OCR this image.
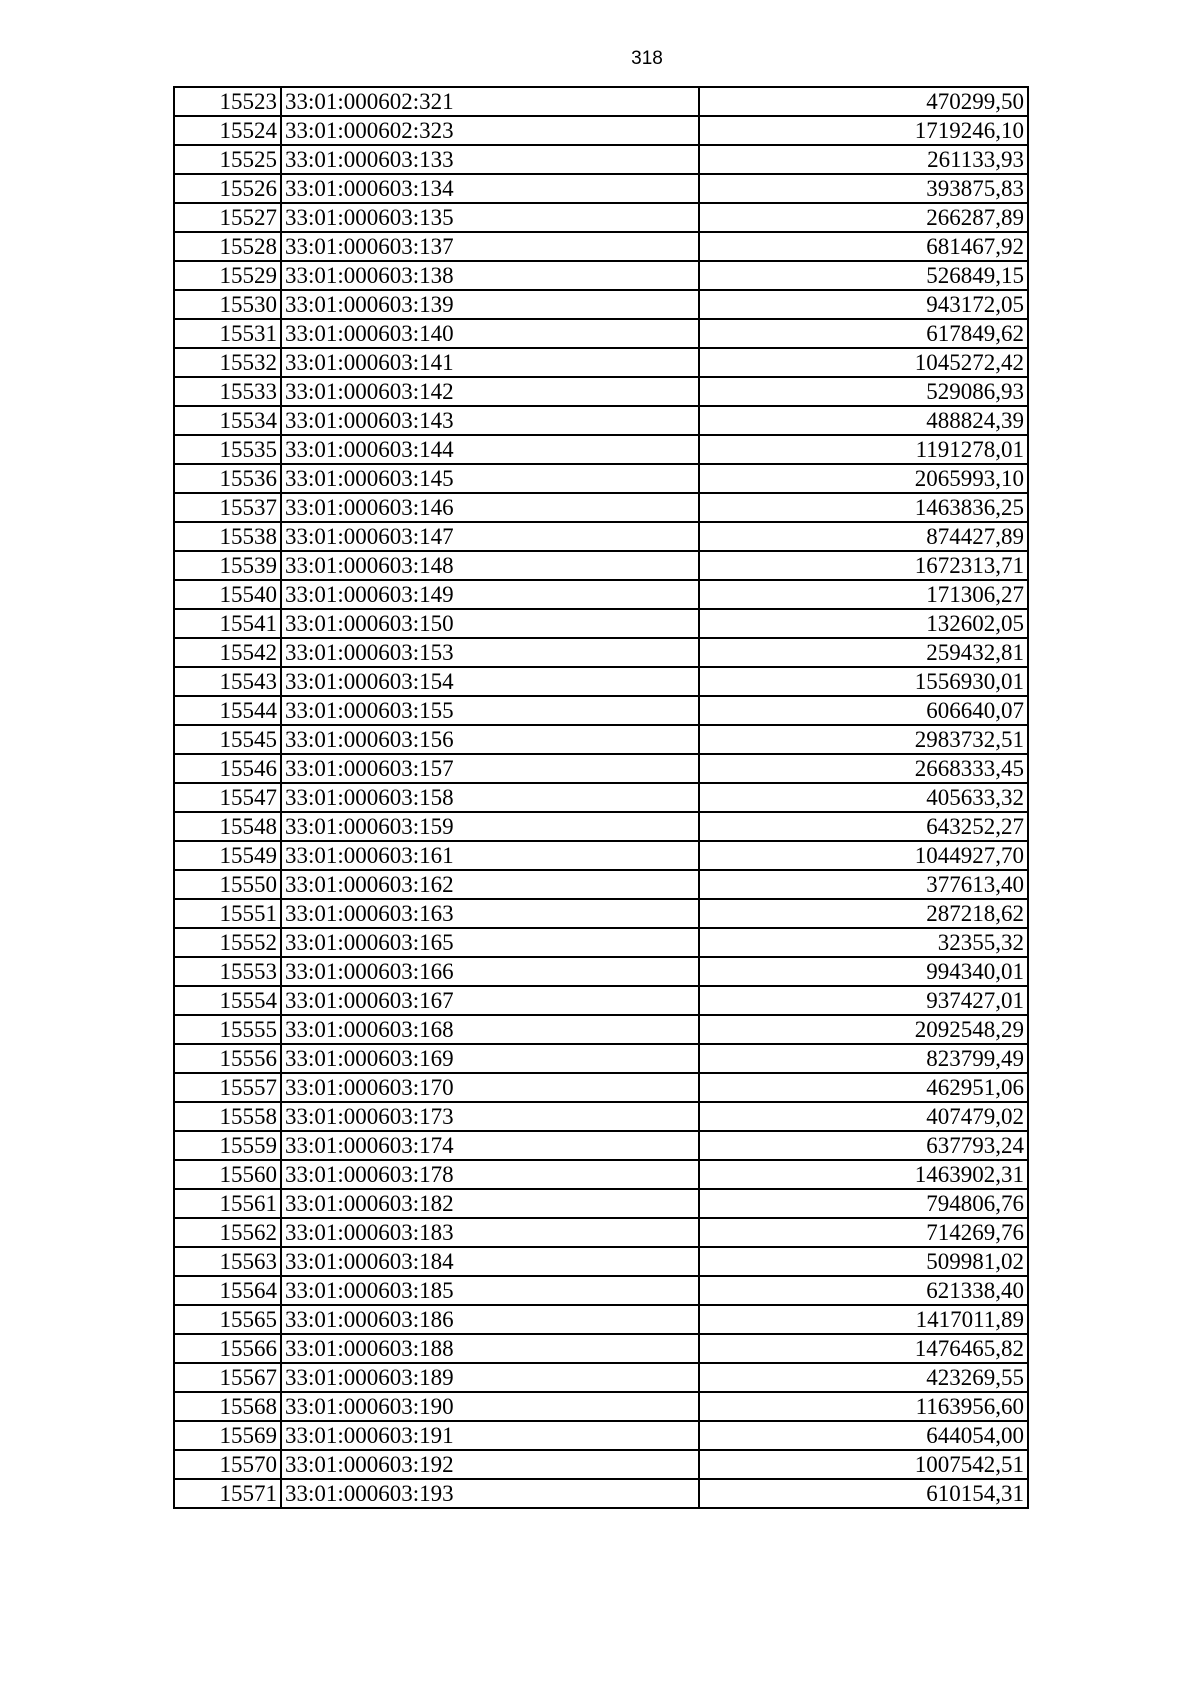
318
15523	33:01:000602:321	470299,50
15524	33:01:000602:323	1719246,10
15525	33:01:000603:133	261133,93
15526	33:01:000603:134	393875,83
15527	33:01:000603:135	266287,89
15528	33:01:000603:137	681467,92
15529	33:01:000603:138	526849,15
15530	33:01:000603:139	943172,05
15531	33:01:000603:140	617849,62
15532	33:01:000603:141	1045272,42
15533	33:01:000603:142	529086,93
15534	33:01:000603:143	488824,39
15535	33:01:000603:144	1191278,01
15536	33:01:000603:145	2065993,10
15537	33:01:000603:146	1463836,25
15538	33:01:000603:147	874427,89
15539	33:01:000603:148	1672313,71
15540	33:01:000603:149	171306,27
15541	33:01:000603:150	132602,05
15542	33:01:000603:153	259432,81
15543	33:01:000603:154	1556930,01
15544	33:01:000603:155	606640,07
15545	33:01:000603:156	2983732,51
15546	33:01:000603:157	2668333,45
15547	33:01:000603:158	405633,32
15548	33:01:000603:159	643252,27
15549	33:01:000603:161	1044927,70
15550	33:01:000603:162	377613,40
15551	33:01:000603:163	287218,62
15552	33:01:000603:165	32355,32
15553	33:01:000603:166	994340,01
15554	33:01:000603:167	937427,01
15555	33:01:000603:168	2092548,29
15556	33:01:000603:169	823799,49
15557	33:01:000603:170	462951,06
15558	33:01:000603:173	407479,02
15559	33:01:000603:174	637793,24
15560	33:01:000603:178	1463902,31
15561	33:01:000603:182	794806,76
15562	33:01:000603:183	714269,76
15563	33:01:000603:184	509981,02
15564	33:01:000603:185	621338,40
15565	33:01:000603:186	1417011,89
15566	33:01:000603:188	1476465,82
15567	33:01:000603:189	423269,55
15568	33:01:000603:190	1163956,60
15569	33:01:000603:191	644054,00
15570	33:01:000603:192	1007542,51
15571	33:01:000603:193	610154,31
